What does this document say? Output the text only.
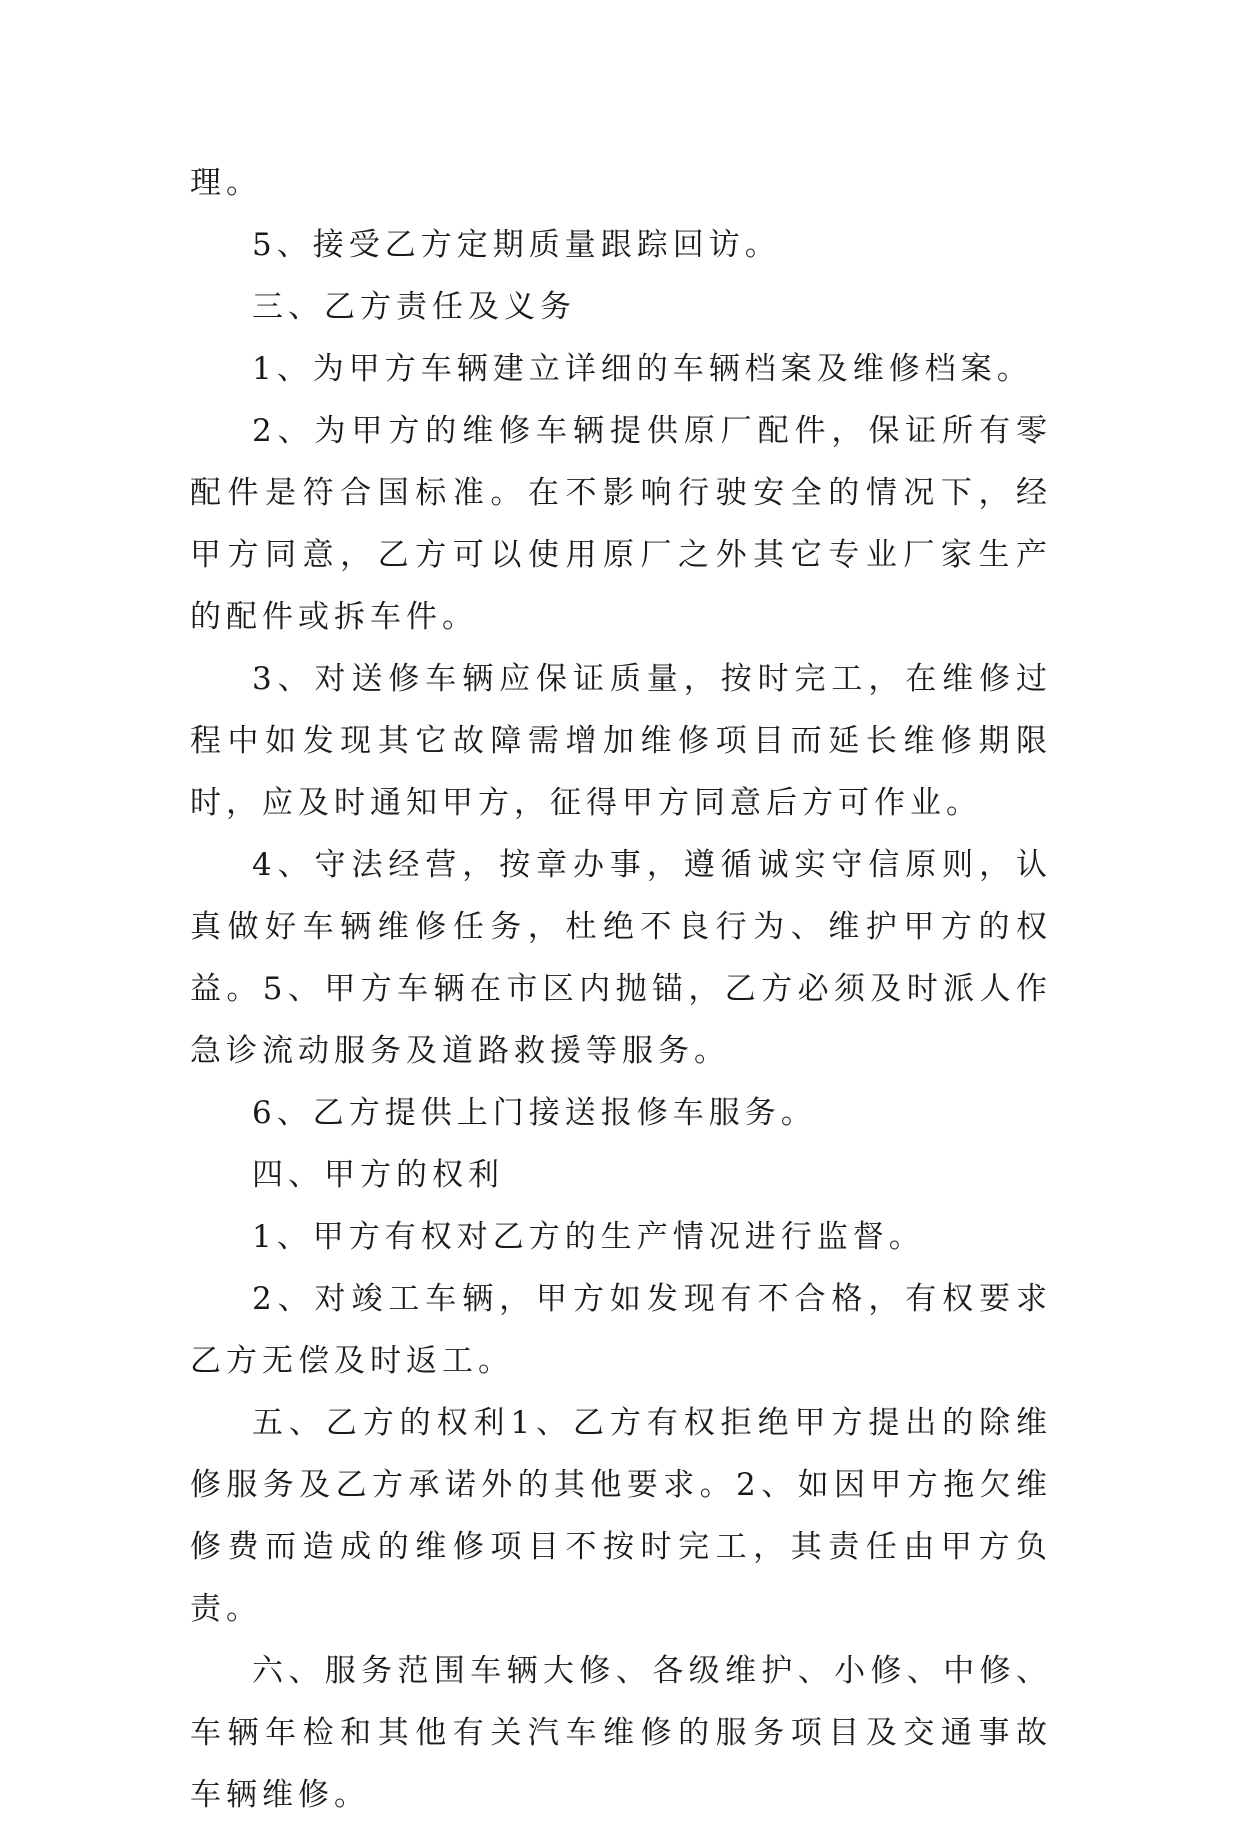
理。

5、接受乙方定期质量跟踪回访。

三、乙方责任及义务

1、为甲方车辆建立详细的车辆档案及维修档案。

2、为甲方的维修车辆提供原厂配件，保证所有零配件是符合国标准。在不影响行驶安全的情况下，经甲方同意，乙方可以使用原厂之外其它专业厂家生产的配件或拆车件。

3、对送修车辆应保证质量，按时完工，在维修过程中如发现其它故障需增加维修项目而延长维修期限时，应及时通知甲方，征得甲方同意后方可作业。

4、守法经营，按章办事，遵循诚实守信原则，认真做好车辆维修任务，杜绝不良行为、维护甲方的权益。5、甲方车辆在市区内抛锚，乙方必须及时派人作急诊流动服务及道路救援等服务。

6、乙方提供上门接送报修车服务。

四、甲方的权利

1、甲方有权对乙方的生产情况进行监督。

2、对竣工车辆，甲方如发现有不合格，有权要求乙方无偿及时返工。

五、乙方的权利1、乙方有权拒绝甲方提出的除维修服务及乙方承诺外的其他要求。2、如因甲方拖欠维修费而造成的维修项目不按时完工，其责任由甲方负责。

六、服务范围车辆大修、各级维护、小修、中修、车辆年检和其他有关汽车维修的服务项目及交通事故车辆维修。
